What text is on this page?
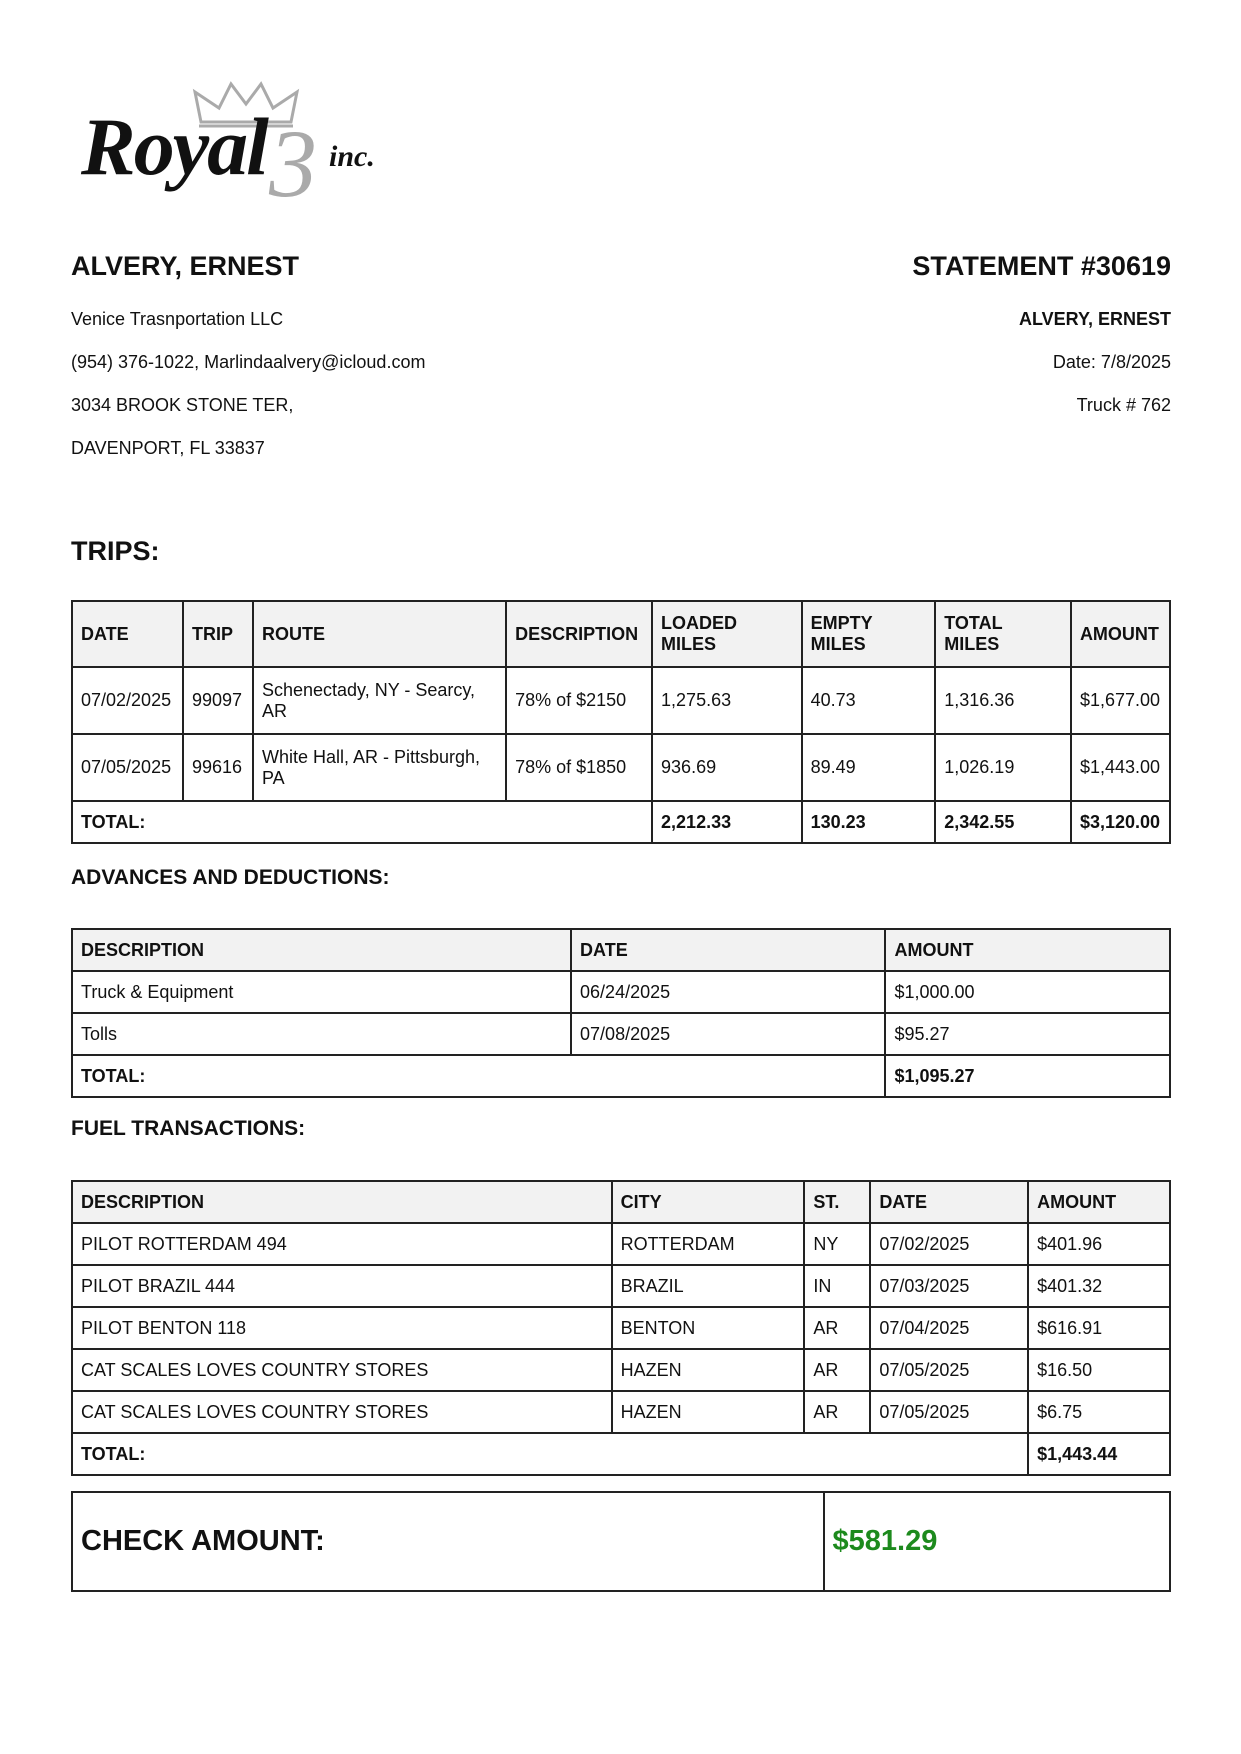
Royal 3 inc.
ALVERY, ERNEST
Venice Trasnportation LLC
(954) 376-1022, Marlindaalvery@icloud.com
3034 BROOK STONE TER,
DAVENPORT, FL 33837
STATEMENT #30619
ALVERY, ERNEST
Date: 7/8/2025
Truck # 762
TRIPS:
DATE	TRIP	ROUTE	DESCRIPTION	LOADED MILES	EMPTY MILES	TOTAL MILES	AMOUNT
07/02/2025	99097	Schenectady, NY - Searcy, AR	78% of $2150	1,275.63	40.73	1,316.36	$1,677.00
07/05/2025	99616	White Hall, AR - Pittsburgh, PA	78% of $1850	936.69	89.49	1,026.19	$1,443.00
TOTAL:				2,212.33	130.23	2,342.55	$3,120.00
ADVANCES AND DEDUCTIONS:
DESCRIPTION	DATE	AMOUNT
Truck & Equipment	06/24/2025	$1,000.00
Tolls	07/08/2025	$95.27
TOTAL:		$1,095.27
FUEL TRANSACTIONS:
DESCRIPTION	CITY	ST.	DATE	AMOUNT
PILOT ROTTERDAM 494	ROTTERDAM	NY	07/02/2025	$401.96
PILOT BRAZIL 444	BRAZIL	IN	07/03/2025	$401.32
PILOT BENTON 118	BENTON	AR	07/04/2025	$616.91
CAT SCALES LOVES COUNTRY STORES	HAZEN	AR	07/05/2025	$16.50
CAT SCALES LOVES COUNTRY STORES	HAZEN	AR	07/05/2025	$6.75
TOTAL:				$1,443.44
CHECK AMOUNT:	$581.29
